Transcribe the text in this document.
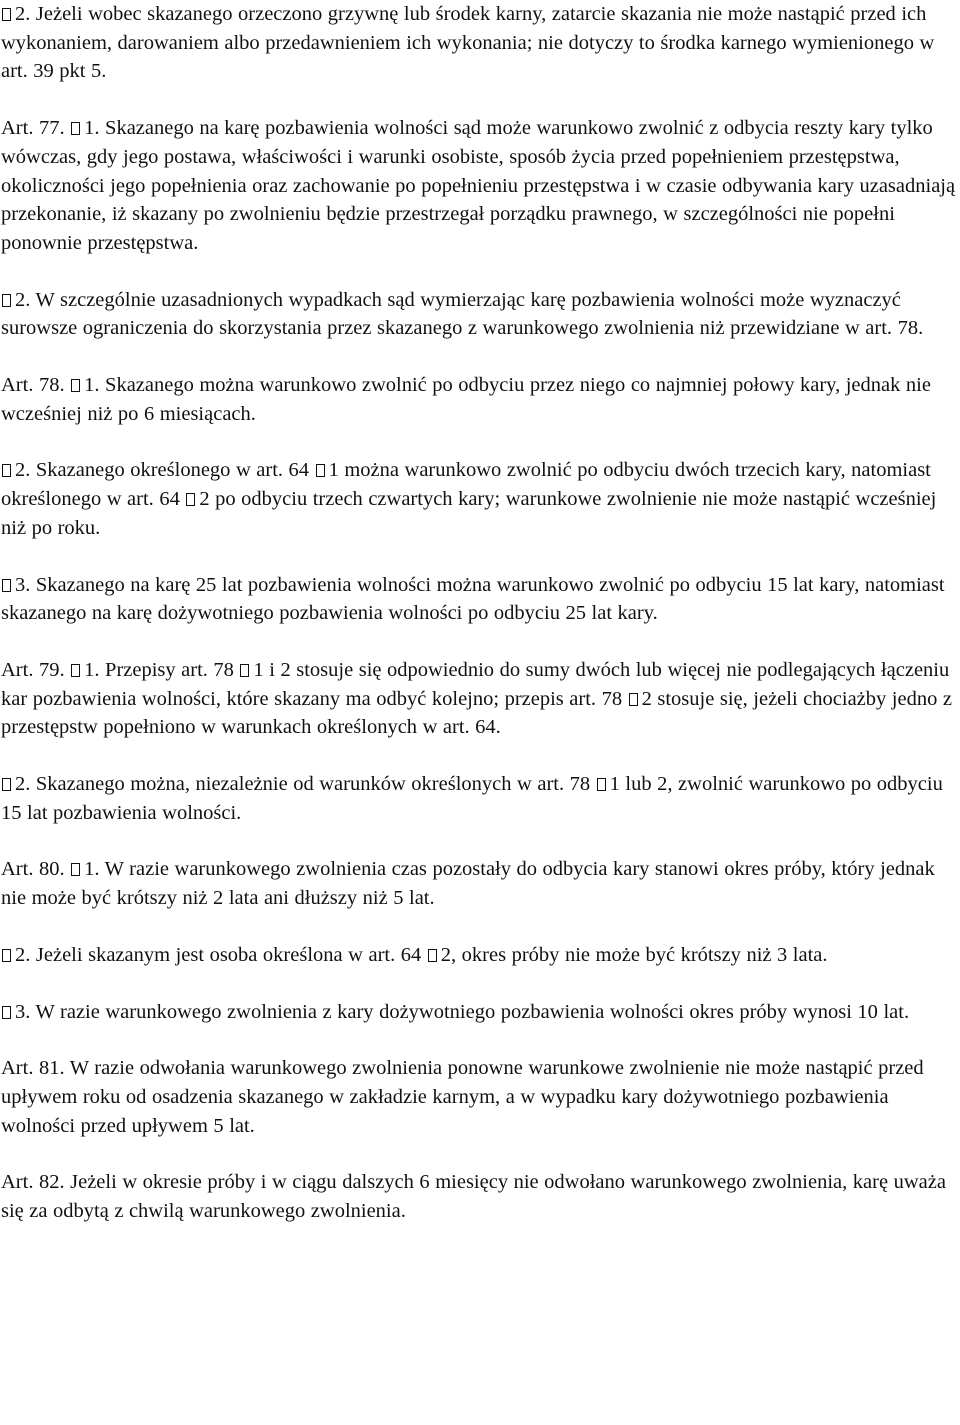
2. Jeżeli wobec skazanego orzeczono grzywnę lub środek karny, zatarcie skazania nie może nastąpić przed ich wykonaniem, darowaniem albo przedawnieniem ich wykonania; nie dotyczy to środka karnego wymienionego w art. 39 pkt 5.

Art. 77. 1. Skazanego na karę pozbawienia wolności sąd może warunkowo zwolnić z odbycia reszty kary tylko wówczas, gdy jego postawa, właściwości i warunki osobiste, sposób życia przed popełnieniem przestępstwa, okoliczności jego popełnienia oraz zachowanie po popełnieniu przestępstwa i w czasie odbywania kary uzasadniają przekonanie, iż skazany po zwolnieniu będzie przestrzegał porządku prawnego, w szczególności nie popełni ponownie przestępstwa.

2. W szczególnie uzasadnionych wypadkach sąd wymierzając karę pozbawienia wolności może wyznaczyć surowsze ograniczenia do skorzystania przez skazanego z warunkowego zwolnienia niż przewidziane w art. 78.

Art. 78. 1. Skazanego można warunkowo zwolnić po odbyciu przez niego co najmniej połowy kary, jednak nie wcześniej niż po 6 miesiącach.

2. Skazanego określonego w art. 64 1 można warunkowo zwolnić po odbyciu dwóch trzecich kary, natomiast określonego w art. 64 2 po odbyciu trzech czwartych kary; warunkowe zwolnienie nie może nastąpić wcześniej niż po roku.

3. Skazanego na karę 25 lat pozbawienia wolności można warunkowo zwolnić po odbyciu 15 lat kary, natomiast skazanego na karę dożywotniego pozbawienia wolności po odbyciu 25 lat kary.

Art. 79. 1. Przepisy art. 78 1 i 2 stosuje się odpowiednio do sumy dwóch lub więcej nie podlegających łączeniu kar pozbawienia wolności, które skazany ma odbyć kolejno; przepis art. 78 2 stosuje się, jeżeli chociażby jedno z przestępstw popełniono w warunkach określonych w art. 64.

2. Skazanego można, niezależnie od warunków określonych w art. 78 1 lub 2, zwolnić warunkowo po odbyciu 15 lat pozbawienia wolności.

Art. 80. 1. W razie warunkowego zwolnienia czas pozostały do odbycia kary stanowi okres próby, który jednak nie może być krótszy niż 2 lata ani dłuższy niż 5 lat.

2. Jeżeli skazanym jest osoba określona w art. 64 2, okres próby nie może być krótszy niż 3 lata.

3. W razie warunkowego zwolnienia z kary dożywotniego pozbawienia wolności okres próby wynosi 10 lat.

Art. 81. W razie odwołania warunkowego zwolnienia ponowne warunkowe zwolnienie nie może nastąpić przed upływem roku od osadzenia skazanego w zakładzie karnym, a w wypadku kary dożywotniego pozbawienia wolności przed upływem 5 lat.

Art. 82. Jeżeli w okresie próby i w ciągu dalszych 6 miesięcy nie odwołano warunkowego zwolnienia, karę uważa się za odbytą z chwilą warunkowego zwolnienia.
